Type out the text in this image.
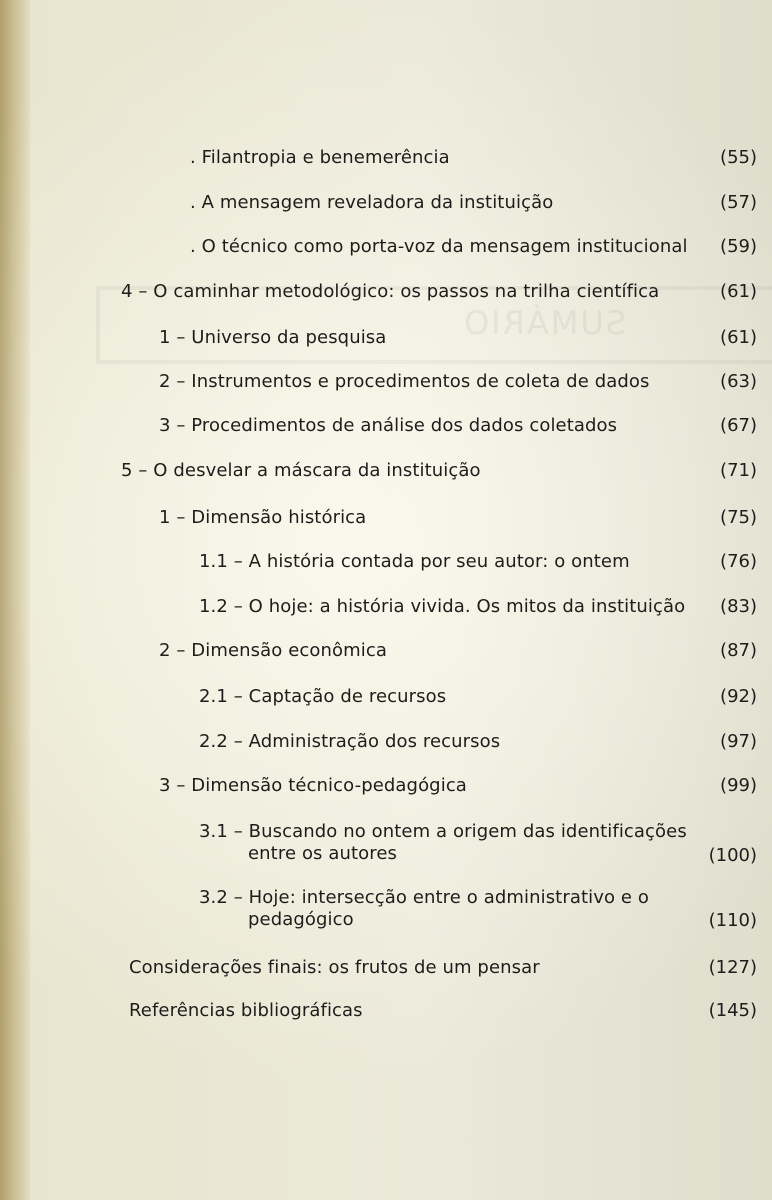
SUMÁRIO
. Filantropia e benemerência	(55)
. A mensagem reveladora da instituição	(57)
. O técnico como porta-voz da mensagem institucional (59)
4 – O caminhar metodológico: os passos na trilha científica	(61)
1 – Universo da pesquisa	(61)
2 – Instrumentos e procedimentos de coleta de dados	(63)
3 – Procedimentos de análise dos dados coletados	(67)
5 – O desvelar a máscara da instituição	(71)
1 – Dimensão histórica	(75)
1.1 – A história contada por seu autor: o ontem	(76)
1.2 – O hoje: a história vivida. Os mitos da instituição (83)
2 – Dimensão econômica	(87)
2.1 – Captação de recursos	(92)
2.2 – Administração dos recursos	(97)
3 – Dimensão técnico-pedagógica	(99)
3.1 – Buscando no ontem a origem das identificações
entre os autores	(100)
3.2 – Hoje: intersecção entre o administrativo e o
pedagógico	(110)
Considerações finais: os frutos de um pensar	(127)
Referências bibliográficas	(145)
